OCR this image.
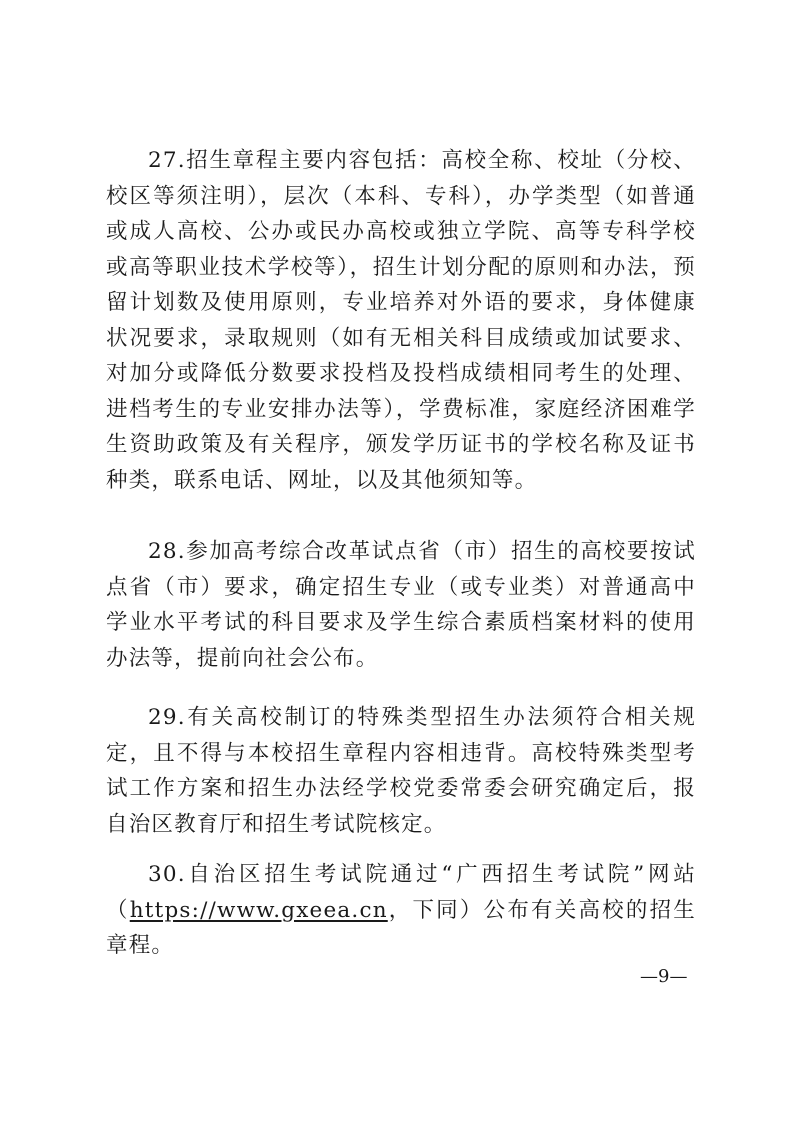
27.招生章程主要内容包括：高校全称、校址（分校、校区等须注明），层次（本科、专科），办学类型（如普通或成人高校、公办或民办高校或独立学院、高等专科学校或高等职业技术学校等），招生计划分配的原则和办法，预留计划数及使用原则，专业培养对外语的要求，身体健康状况要求，录取规则（如有无相关科目成绩或加试要求、对加分或降低分数要求投档及投档成绩相同考生的处理、进档考生的专业安排办法等），学费标准，家庭经济困难学生资助政策及有关程序，颁发学历证书的学校名称及证书种类，联系电话、网址，以及其他须知等。

28.参加高考综合改革试点省（市）招生的高校要按试点省（市）要求，确定招生专业（或专业类）对普通高中学业水平考试的科目要求及学生综合素质档案材料的使用办法等，提前向社会公布。

29.有关高校制订的特殊类型招生办法须符合相关规定，且不得与本校招生章程内容相违背。高校特殊类型考试工作方案和招生办法经学校党委常委会研究确定后，报自治区教育厅和招生考试院核定。

30.自治区招生考试院通过“广西招生考试院”网站（https://www.gxeea.cn，下同）公布有关高校的招生章程。

—9—
